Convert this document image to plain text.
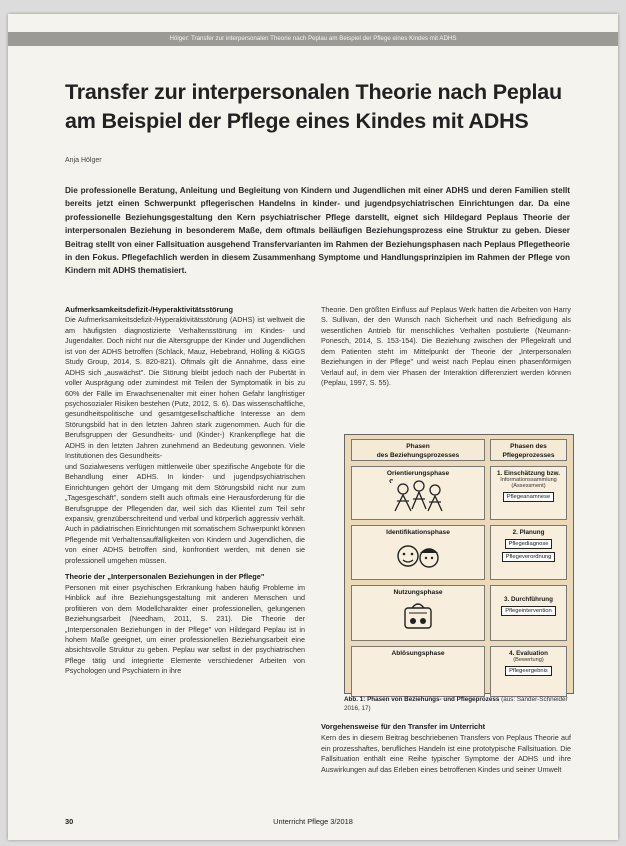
Hölger: Transfer zur interpersonalen Theorie nach Peplau am Beispiel der Pflege eines Kindes mit ADHS
Transfer zur interpersonalen Theorie nach Peplau
am Beispiel der Pflege eines Kindes mit ADHS
Anja Hölger

Die professionelle Beratung, Anleitung und Begleitung von Kindern und Jugendlichen mit einer ADHS und deren Familien stellt bereits jetzt einen Schwerpunkt pflegerischen Handelns in kinder- und jugendpsychiatrischen Einrichtungen dar. Da eine professionelle Beziehungsgestaltung den Kern psychiatrischer Pflege darstellt, eignet sich Hildegard Peplaus Theorie der interpersonalen Beziehung in besonderem Maße, dem oftmals beiläufigen Beziehungsprozess eine Struktur zu geben. Dieser Beitrag stellt von einer Fallsituation ausgehend Transfervarianten im Rahmen der Beziehungsphasen nach Peplaus Pflegetheorie in den Fokus. Pflegefachlich werden in diesem Zusammenhang Symptome und Handlungsprinzipien im Rahmen der Pflege von Kindern mit ADHS thematisiert.

Aufmerksamkeitsdefizit-/Hyperaktivitätsstörung

Die Aufmerksamkeitsdefizit-/Hyperaktivitätsstörung (ADHS) ist weltweit die am häufigsten diagnostizierte Verhaltensstörung im Kindes- und Jugendalter. Doch nicht nur die Altersgruppe der Kinder und Jugendlichen ist von der ADHS betroffen (Schlack, Mauz, Hebebrand, Hölling & KiGGS Study Group, 2014, S. 820-821). Oftmals gilt die Annahme, dass eine ADHS sich „auswächst". Die Störung bleibt jedoch nach der Pubertät in voller Ausprägung oder zumindest mit Teilen der Symptomatik in bis zu 60% der Fälle im Erwachsenenalter mit einer hohen Gefahr langfristiger psychosozialer Risiken bestehen (Putz, 2012, S. 6). Das wissenschaftliche, gesundheitspolitische und gesamtgesellschaftliche Interesse an dem Störungsbild hat in den letzten Jahren stark zugenommen. Auch für die Berufsgruppen der Gesundheits- und (Kinder-) Krankenpflege hat die ADHS in den letzten Jahren zunehmend an Bedeutung gewonnen. Viele Institutionen des Gesundheits-

und Sozialwesens verfügen mittlerweile über spezifische Angebote für die Behandlung einer ADHS. In kinder- und jugendpsychiatrischen Einrichtungen gehört der Umgang mit dem Störungsbild nicht nur zum „Tagesgeschäft", sondern stellt auch oftmals eine Herausforderung für die Berufsgruppe der Pflegenden dar, weil sich das Klientel zum Teil sehr expansiv, grenzüberschreitend und verbal und körperlich aggressiv verhält. Auch in pädiatrischen Einrichtungen mit somatischem Schwerpunkt können Pflegende mit Verhaltensauffälligkeiten von Kindern und Jugendlichen, die von einer ADHS betroffen sind, konfrontiert werden, mit denen sie professionell umgehen müssen.

Theorie der „Interpersonalen Beziehungen in der Pflege"

Personen mit einer psychischen Erkrankung haben häufig Probleme im Hinblick auf ihre Beziehungsgestaltung mit anderen Menschen und profitieren von dem Modellcharakter einer professionellen, gelungenen Beziehungsarbeit (Needham, 2011, S. 231). Die Theorie der „Interpersonalen Beziehungen in der Pflege" von Hildegard Peplau ist in hohem Maße geeignet, um einer professionellen Beziehungsarbeit eine absichtsvolle Struktur zu geben. Peplau war selbst in der psychiatrischen Pflege tätig und integrierte Elemente verschiedener Arbeiten von Psychologen und Psychiatern in ihre

Theorie. Den größten Einfluss auf Peplaus Werk hatten die Arbeiten von Harry S. Sullivan, der den Wunsch nach Sicherheit und nach Befriedigung als wesentlichen Antrieb für menschliches Verhalten postulierte (Neumann-Ponesch, 2014, S. 153-154). Die Beziehung zwischen der Pflegekraft und dem Patienten steht im Mittelpunkt der Theorie der „Interpersonalen Beziehungen in der Pflege" und weist nach Peplau einen phasenförmigen Verlauf auf, in dem vier Phasen der Interaktion differenziert werden können (Peplau, 1997, S. 55).

Phasen
des Beziehungsprozesses
Orientierungsphase
Identifikationsphase
Nutzungsphase
Ablösungsphase
Phasen des
Pflegeprozesses
1. Einschätzung bzw.
Informationssammlung
(Assessment)
Pflegeanamnese
2. Planung
Pflegediagnose
Pflegeverordnung
3. Durchführung
Pflegeintervention
4. Evaluation
(Bewertung)
Pflegeergebnis
Abb. 1: Phasen von Beziehungs- und Pflegeprozess (aus: Sander-Schneider 2016, 17)
Vorgehensweise für den Transfer im Unterricht

Kern des in diesem Beitrag beschriebenen Transfers von Peplaus Theorie auf ein prozesshaftes, berufliches Handeln ist eine prototypische Fallsituation. Die Fallsituation enthält eine Reihe typischer Symptome der ADHS und ihre Auswirkungen auf das Erleben eines betroffenen Kindes und seiner Umwelt

30	Unterricht Pflege 3/2018
